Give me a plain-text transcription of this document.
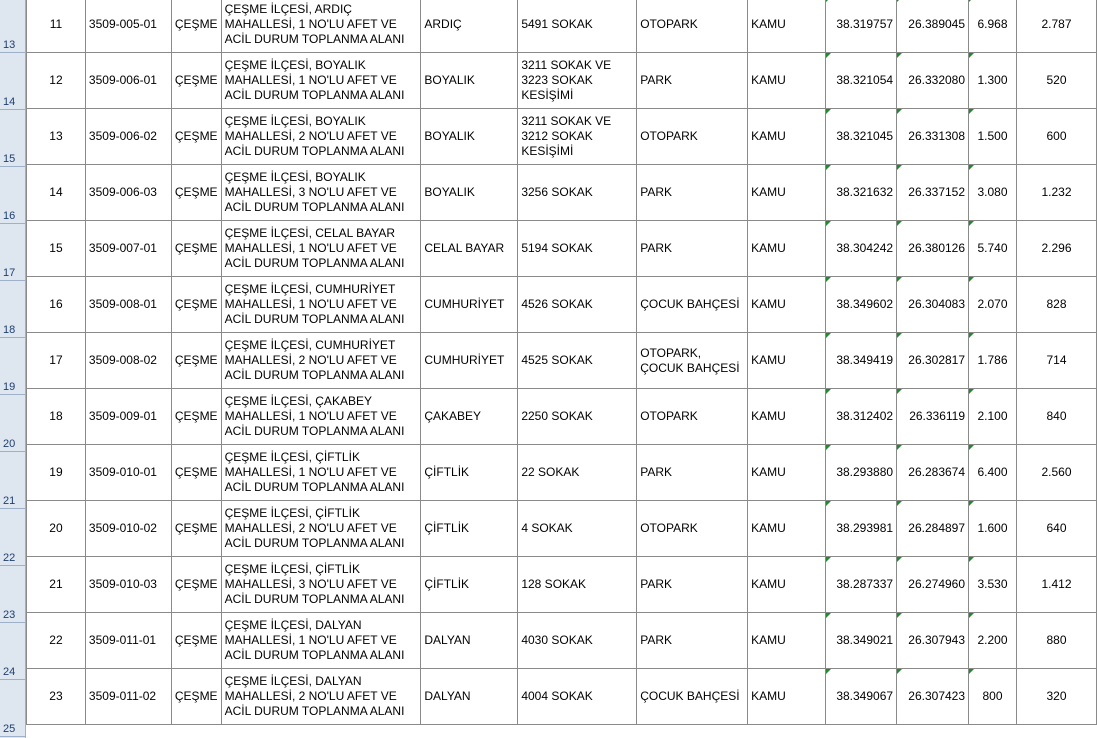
13
14
15
16
17
18
19
20
21
22
23
24
25
11	3509-005-01	ÇEŞME	ÇEŞME İLÇESİ, ARDIÇ MAHALLESİ, 1 NO'LU AFET VE ACİL DURUM TOPLANMA ALANI	ARDIÇ	5491 SOKAK	OTOPARK	KAMU	38.319757	26.389045	6.968	2.787
12	3509-006-01	ÇEŞME	ÇEŞME İLÇESİ, BOYALIK MAHALLESİ, 1 NO'LU AFET VE ACİL DURUM TOPLANMA ALANI	BOYALIK	3211 SOKAK VE 3223 SOKAK KESİŞİMİ	PARK	KAMU	38.321054	26.332080	1.300	520
13	3509-006-02	ÇEŞME	ÇEŞME İLÇESİ, BOYALIK MAHALLESİ, 2 NO'LU AFET VE ACİL DURUM TOPLANMA ALANI	BOYALIK	3211 SOKAK VE 3212 SOKAK KESİŞİMİ	OTOPARK	KAMU	38.321045	26.331308	1.500	600
14	3509-006-03	ÇEŞME	ÇEŞME İLÇESİ, BOYALIK MAHALLESİ, 3 NO'LU AFET VE ACİL DURUM TOPLANMA ALANI	BOYALIK	3256 SOKAK	PARK	KAMU	38.321632	26.337152	3.080	1.232
15	3509-007-01	ÇEŞME	ÇEŞME İLÇESİ, CELAL BAYAR MAHALLESİ, 1 NO'LU AFET VE ACİL DURUM TOPLANMA ALANI	CELAL BAYAR	5194 SOKAK	PARK	KAMU	38.304242	26.380126	5.740	2.296
16	3509-008-01	ÇEŞME	ÇEŞME İLÇESİ, CUMHURİYET MAHALLESİ, 1 NO'LU AFET VE ACİL DURUM TOPLANMA ALANI	CUMHURİYET	4526 SOKAK	ÇOCUK BAHÇESİ	KAMU	38.349602	26.304083	2.070	828
17	3509-008-02	ÇEŞME	ÇEŞME İLÇESİ, CUMHURİYET MAHALLESİ, 2 NO'LU AFET VE ACİL DURUM TOPLANMA ALANI	CUMHURİYET	4525 SOKAK	OTOPARK, ÇOCUK BAHÇESİ	KAMU	38.349419	26.302817	1.786	714
18	3509-009-01	ÇEŞME	ÇEŞME İLÇESİ, ÇAKABEY MAHALLESİ, 1 NO'LU AFET VE ACİL DURUM TOPLANMA ALANI	ÇAKABEY	2250 SOKAK	OTOPARK	KAMU	38.312402	26.336119	2.100	840
19	3509-010-01	ÇEŞME	ÇEŞME İLÇESİ, ÇİFTLİK MAHALLESİ, 1 NO'LU AFET VE ACİL DURUM TOPLANMA ALANI	ÇİFTLİK	22 SOKAK	PARK	KAMU	38.293880	26.283674	6.400	2.560
20	3509-010-02	ÇEŞME	ÇEŞME İLÇESİ, ÇİFTLİK MAHALLESİ, 2 NO'LU AFET VE ACİL DURUM TOPLANMA ALANI	ÇİFTLİK	4 SOKAK	OTOPARK	KAMU	38.293981	26.284897	1.600	640
21	3509-010-03	ÇEŞME	ÇEŞME İLÇESİ, ÇİFTLİK MAHALLESİ, 3 NO'LU AFET VE ACİL DURUM TOPLANMA ALANI	ÇİFTLİK	128 SOKAK	PARK	KAMU	38.287337	26.274960	3.530	1.412
22	3509-011-01	ÇEŞME	ÇEŞME İLÇESİ, DALYAN MAHALLESİ, 1 NO'LU AFET VE ACİL DURUM TOPLANMA ALANI	DALYAN	4030 SOKAK	PARK	KAMU	38.349021	26.307943	2.200	880
23	3509-011-02	ÇEŞME	ÇEŞME İLÇESİ, DALYAN MAHALLESİ, 2 NO'LU AFET VE ACİL DURUM TOPLANMA ALANI	DALYAN	4004 SOKAK	ÇOCUK BAHÇESİ	KAMU	38.349067	26.307423	800	320
